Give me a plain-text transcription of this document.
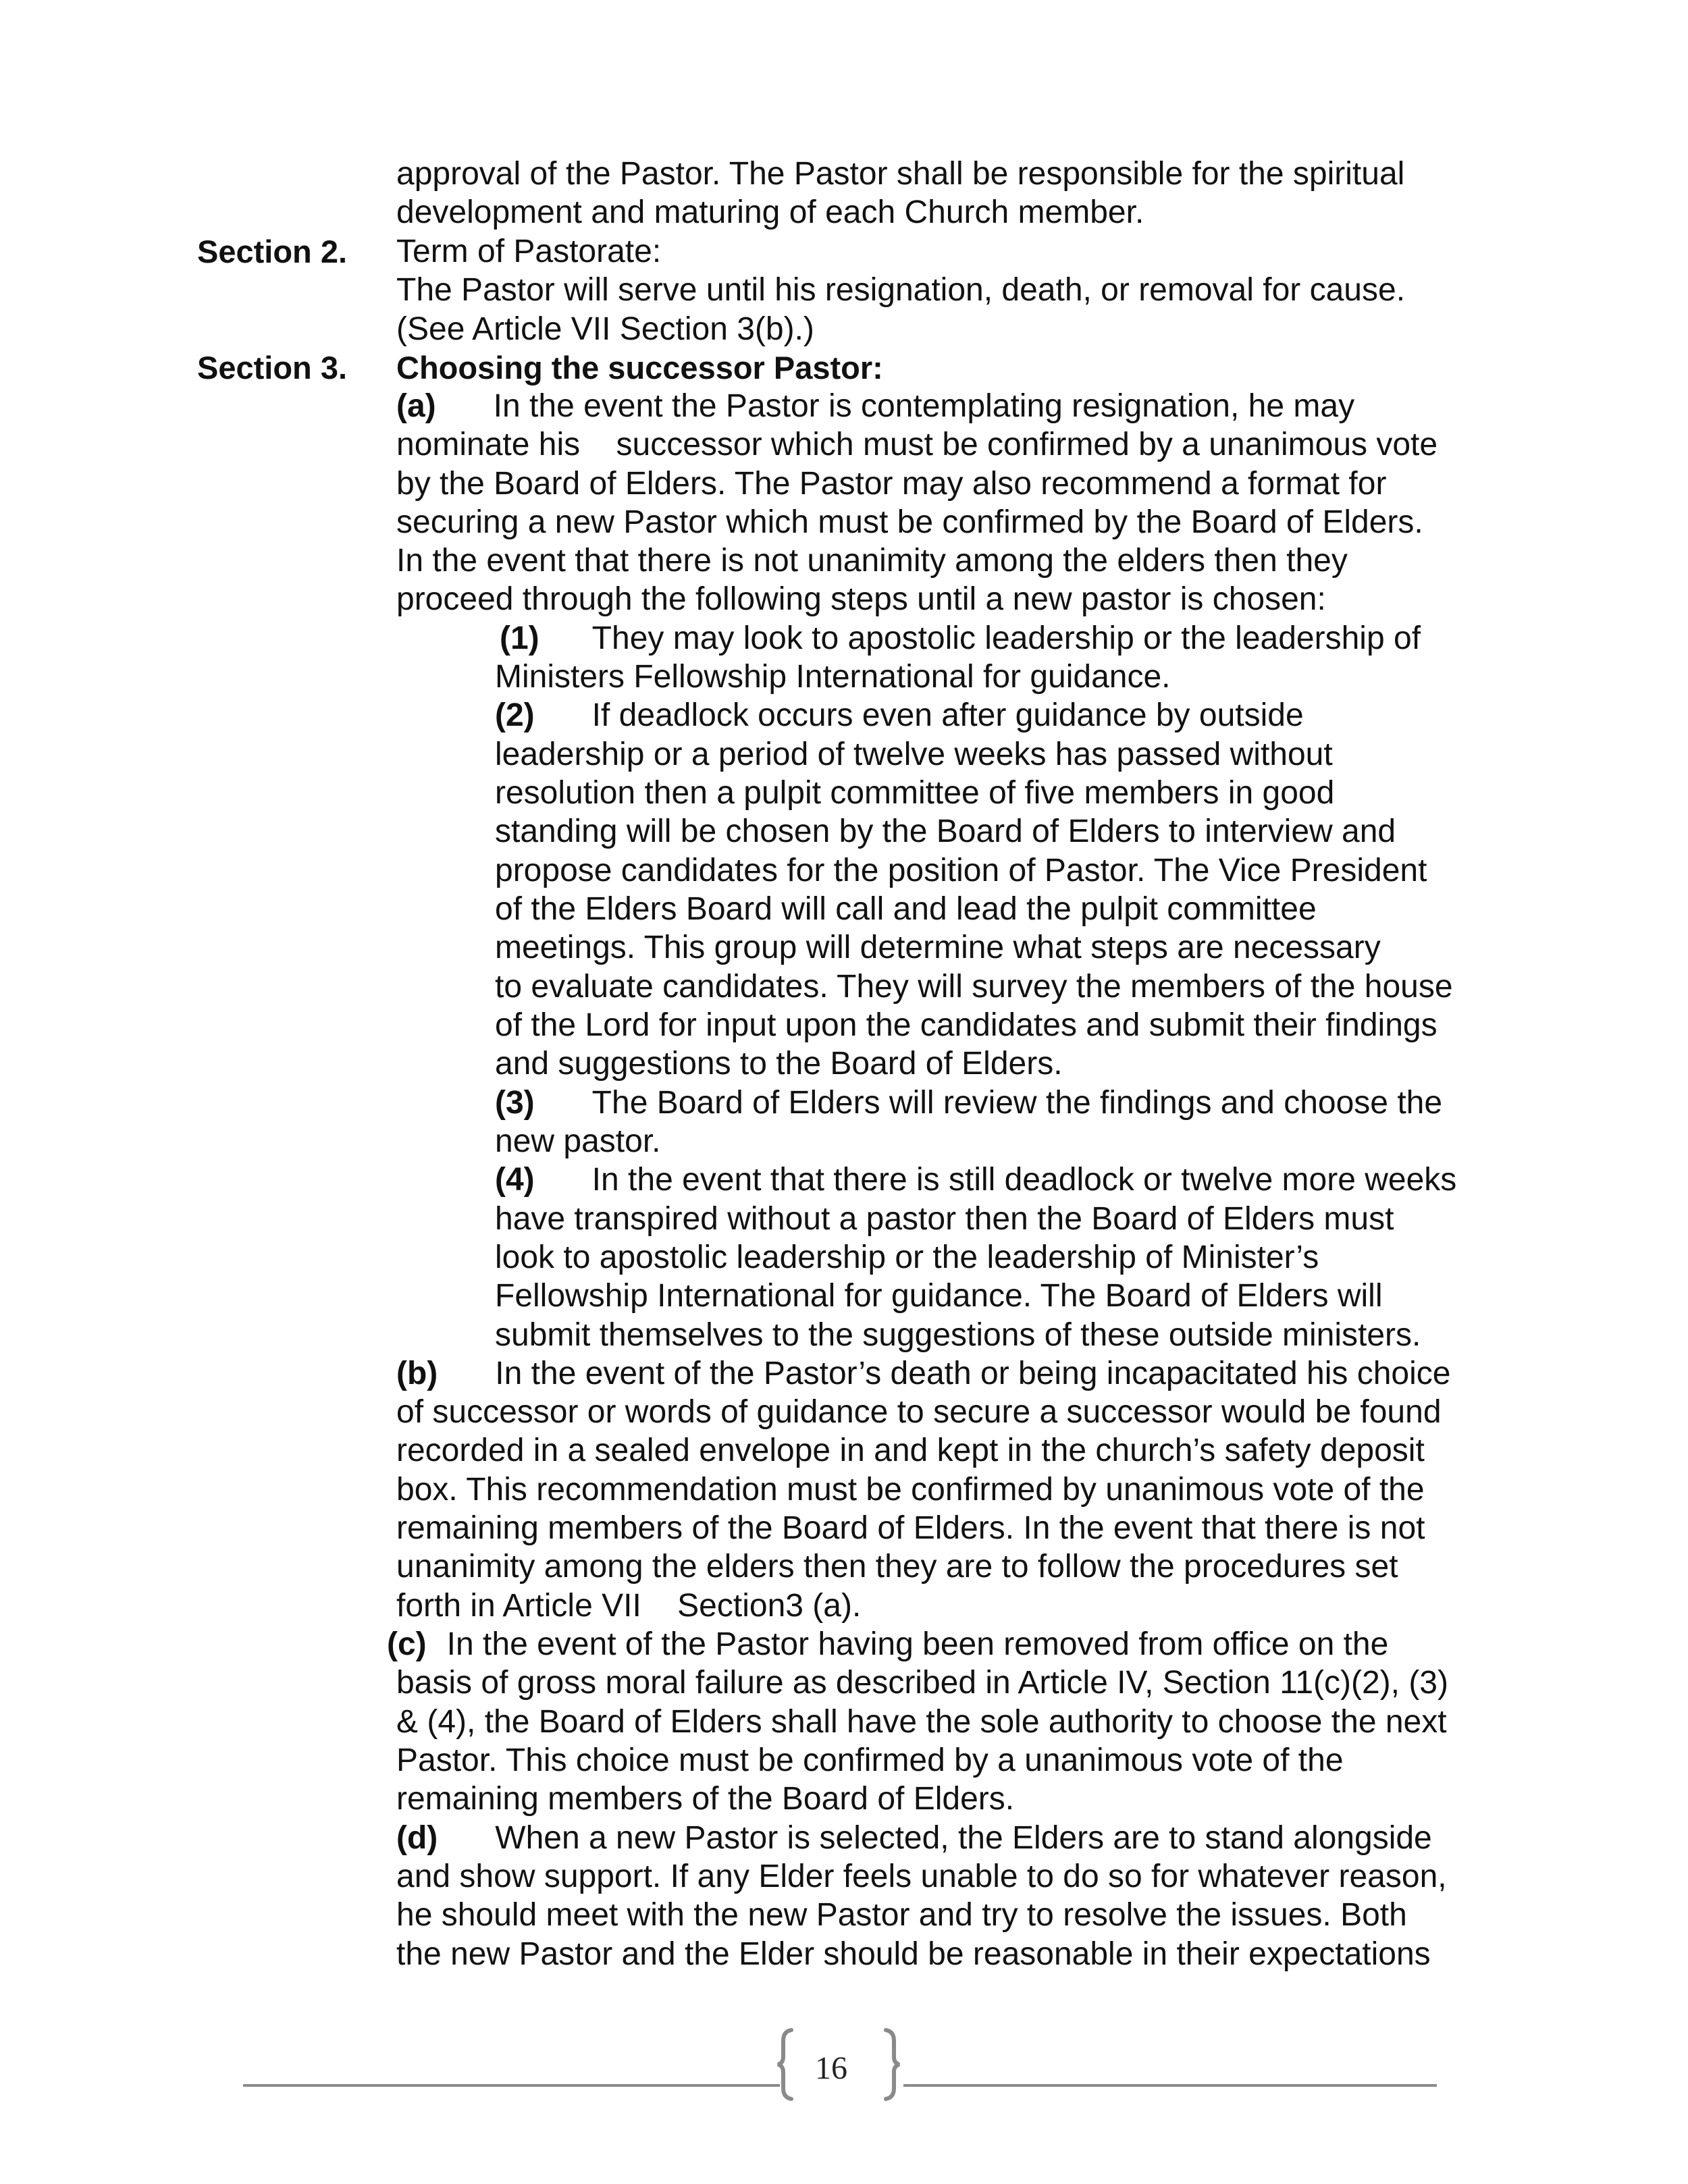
Section 2.
Section 3.
approval of the Pastor. The Pastor shall be responsible for the spiritual
development and maturing of each Church member.
Term of Pastorate:
The Pastor will serve until his resignation, death, or removal for cause.
(See Article VII Section 3(b).)
Choosing the successor Pastor:
(a) In the event the Pastor is contemplating resignation, he may
nominate his    successor which must be confirmed by a unanimous vote
by the Board of Elders. The Pastor may also recommend a format for
securing a new Pastor which must be confirmed by the Board of Elders.
In the event that there is not unanimity among the elders then they
proceed through the following steps until a new pastor is chosen:
(1) They may look to apostolic leadership or the leadership of
Ministers Fellowship International for guidance.
(2) If deadlock occurs even after guidance by outside
leadership or a period of twelve weeks has passed without
resolution then a pulpit committee of five members in good
standing will be chosen by the Board of Elders to interview and
propose candidates for the position of Pastor. The Vice President
of the Elders Board will call and lead the pulpit committee
meetings. This group will determine what steps are necessary
to evaluate candidates. They will survey the members of the house
of the Lord for input upon the candidates and submit their findings
and suggestions to the Board of Elders.
(3) The Board of Elders will review the findings and choose the
new pastor.
(4) In the event that there is still deadlock or twelve more weeks
have transpired without a pastor then the Board of Elders must
look to apostolic leadership or the leadership of Minister’s
Fellowship International for guidance. The Board of Elders will
submit themselves to the suggestions of these outside ministers.
(b) In the event of the Pastor’s death or being incapacitated his choice
of successor or words of guidance to secure a successor would be found
recorded in a sealed envelope in and kept in the church’s safety deposit
box. This recommendation must be confirmed by unanimous vote of the
remaining members of the Board of Elders. In the event that there is not
unanimity among the elders then they are to follow the procedures set
forth in Article VII    Section3 (a).
(c) In the event of the Pastor having been removed from office on the
basis of gross moral failure as described in Article IV, Section 11(c)(2), (3)
& (4), the Board of Elders shall have the sole authority to choose the next
Pastor. This choice must be confirmed by a unanimous vote of the
remaining members of the Board of Elders.
(d) When a new Pastor is selected, the Elders are to stand alongside
and show support. If any Elder feels unable to do so for whatever reason,
he should meet with the new Pastor and try to resolve the issues. Both
the new Pastor and the Elder should be reasonable in their expectations
16
